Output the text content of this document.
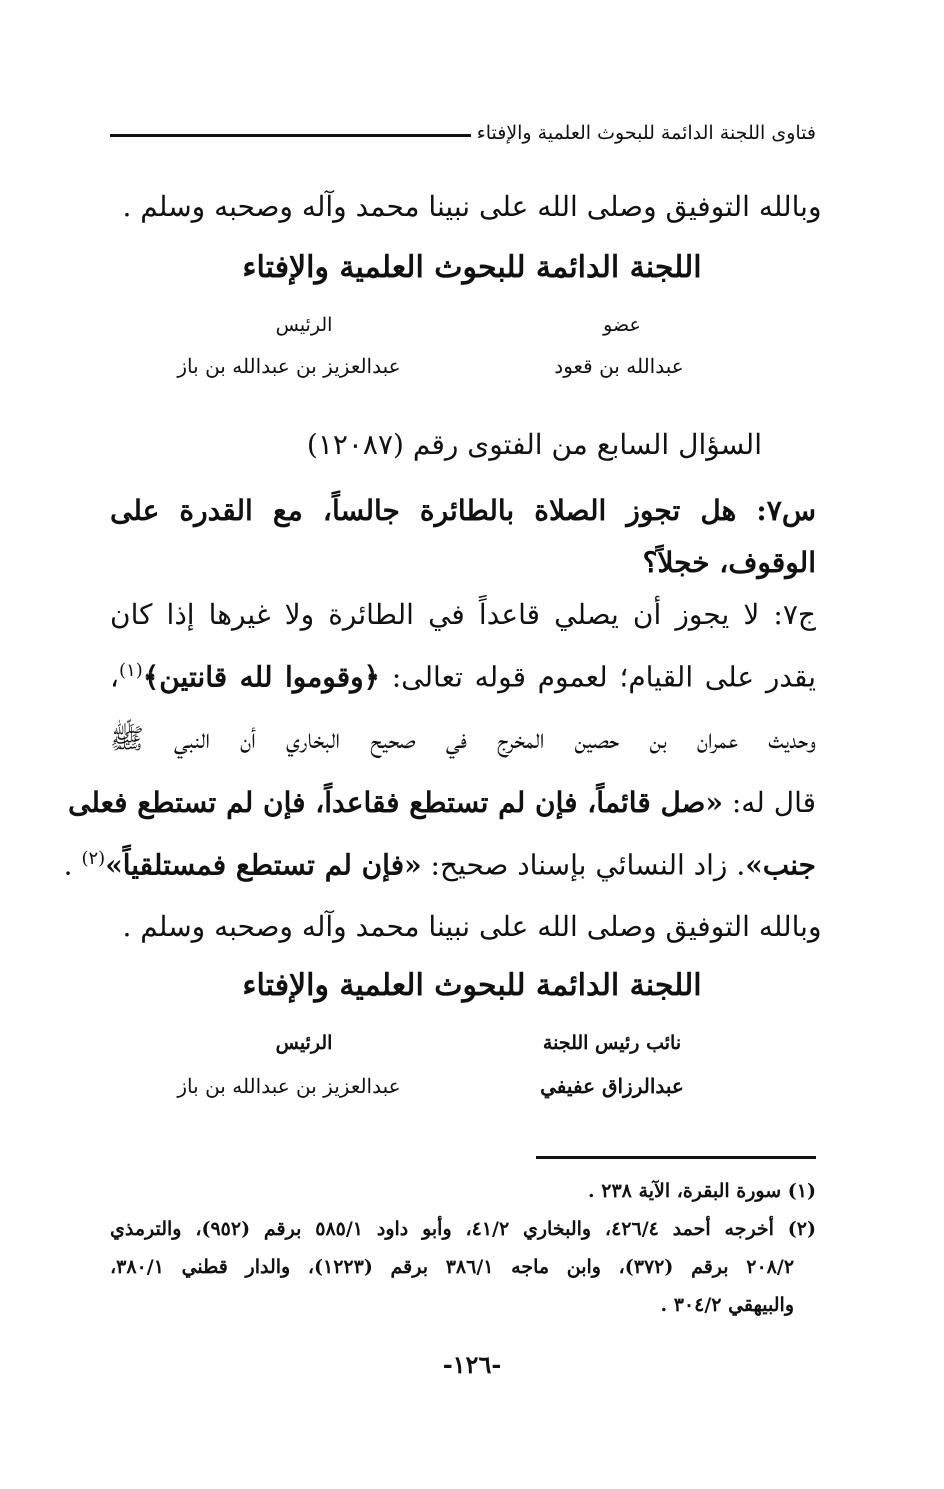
فتاوى اللجنة الدائمة للبحوث العلمية والإفتاء
وبالله التوفيق وصلى الله على نبينا محمد وآله وصحبه وسلم .
اللجنة الدائمة للبحوث العلمية والإفتاء
عضو
الرئيس
عبدالله بن قعود
عبدالعزيز بن عبدالله بن باز
السؤال السابع من الفتوى رقم (١٢٠٨٧)
س٧: هل تجوز الصلاة بالطائرة جالساً، مع القدرة على
الوقوف، خجلاً؟
ج٧: لا يجوز أن يصلي قاعداً في الطائرة ولا غيرها إذا كان
يقدر على القيام؛ لعموم قوله تعالى: ﴿وقوموا لله قانتين﴾$^{(١)}$،
وحديث عمران بن حصين المخرج في صحيح البخاري أن النبي ﷺ
قال له: «صل قائماً، فإن لم تستطع فقاعداً، فإن لم تستطع فعلى
جنب». زاد النسائي بإسناد صحيح: «فإن لم تستطع فمستلقياً»$^{(٢)}$ .
وبالله التوفيق وصلى الله على نبينا محمد وآله وصحبه وسلم .
اللجنة الدائمة للبحوث العلمية والإفتاء
نائب رئيس اللجنة
الرئيس
عبدالرزاق عفيفي
عبدالعزيز بن عبدالله بن باز
(١) سورة البقرة، الآية ٢٣٨ .
(٢) أخرجه أحمد ٤٢٦/٤، والبخاري ٤١/٢، وأبو داود ٥٨٥/١ برقم (٩٥٢)، والترمذي
٢٠٨/٢ برقم (٣٧٢)، وابن ماجه ٣٨٦/١ برقم (١٢٢٣)، والدار قطني ٣٨٠/١،
والبيهقي ٣٠٤/٢ .
-١٢٦-
